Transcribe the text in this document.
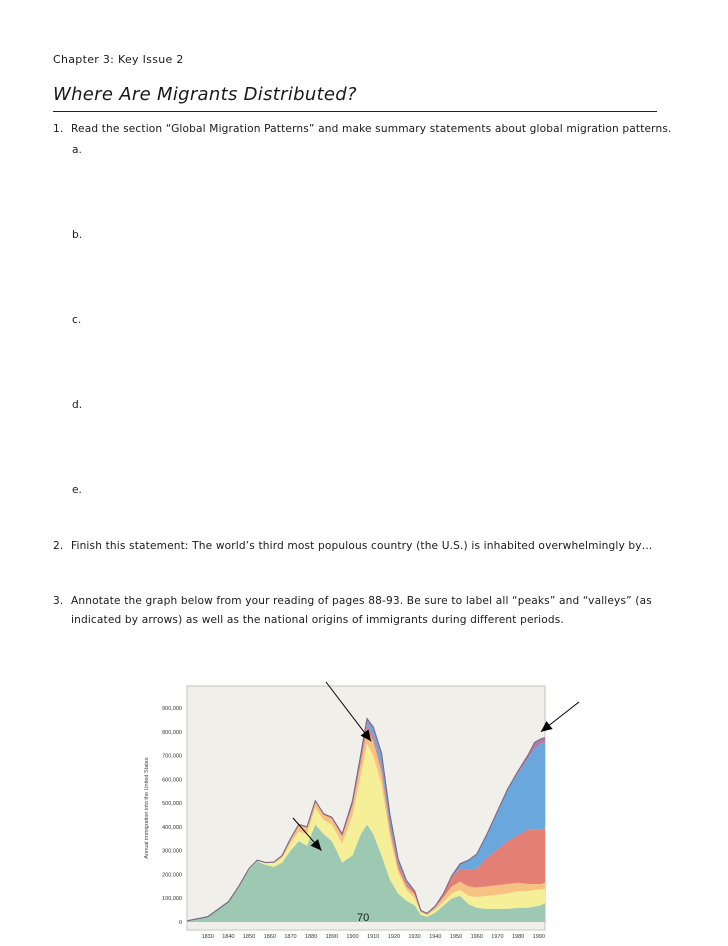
Chapter 3: Key Issue 2
Where Are Migrants Distributed?
1. Read the section “Global Migration Patterns” and make summary statements about global migration patterns.
a.
b.
c.
d.
e.
2. Finish this statement: The world’s third most populous country (the U.S.) is inhabited overwhelmingly by…
3. Annotate the graph below from your reading of pages 88-93. Be sure to label all “peaks” and “valleys” (as
indicated by arrows) as well as the national origins of immigrants during different periods.
0
100,000
200,000
300,000
400,000
500,000
600,000
700,000
800,000
900,000
1830 1840 1850 1860 1870 1880 1890 1900 1910 1920 1930 1940 1950 1960 1970 1980 1990
Annual immigration into the United States
70
